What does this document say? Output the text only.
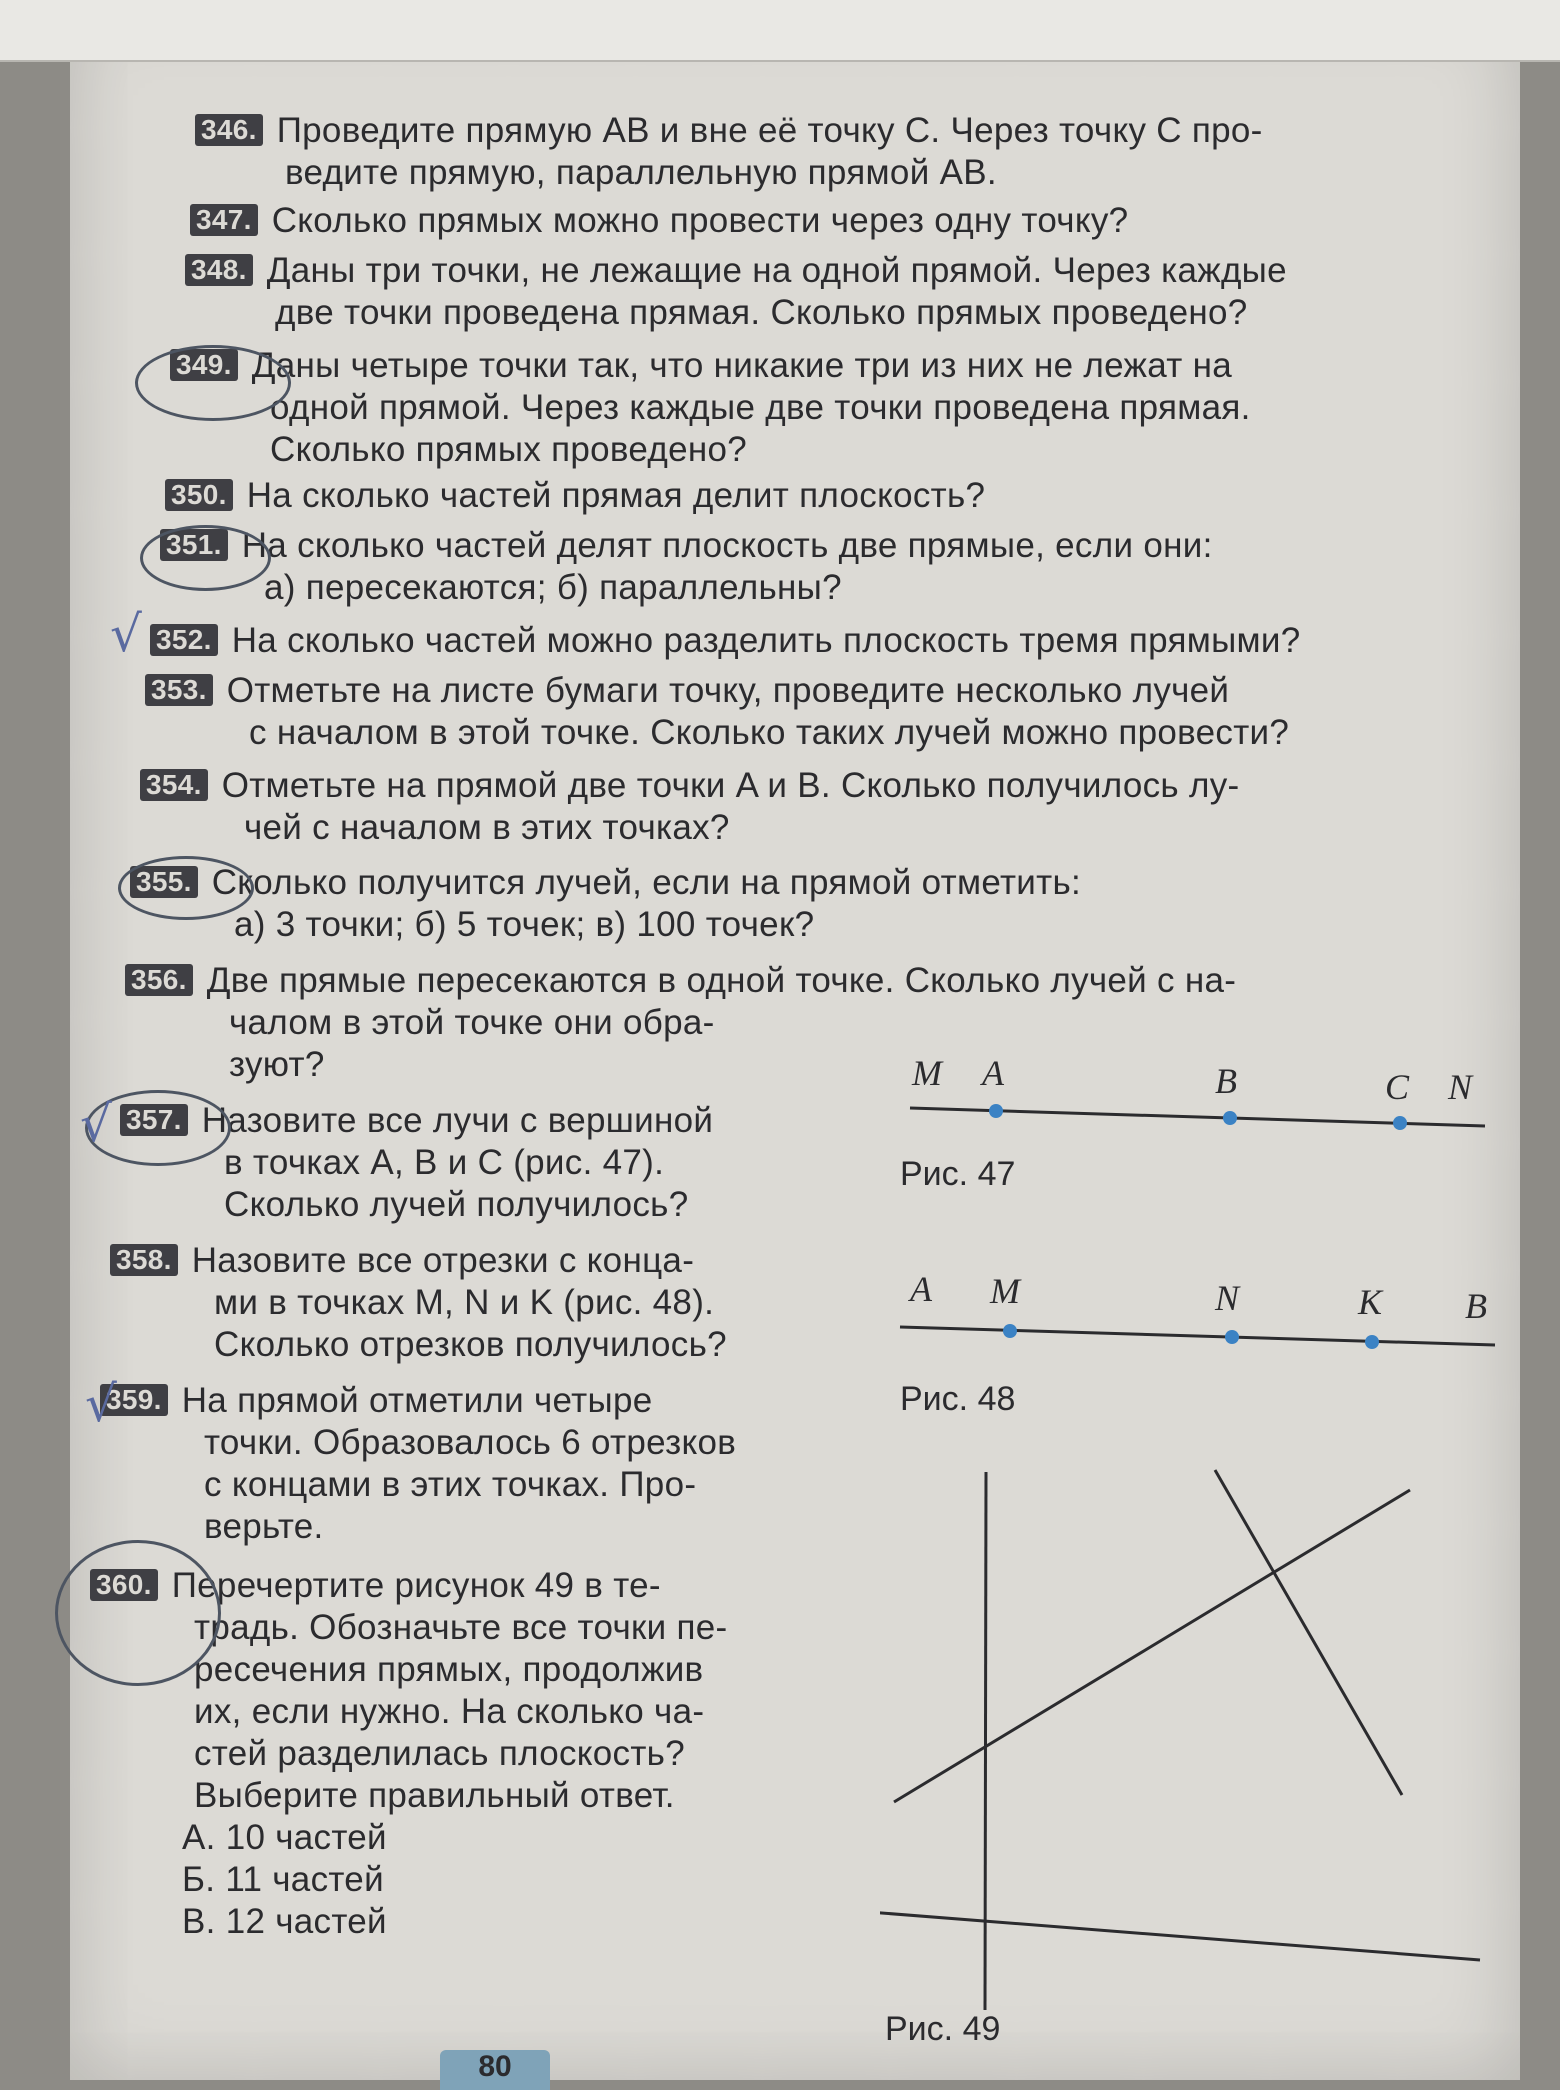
346. Проведите прямую AB и вне её точку C. Через точку C про-
ведите прямую, параллельную прямой AB.
347. Сколько прямых можно провести через одну точку?
348. Даны три точки, не лежащие на одной прямой. Через каждые
две точки проведена прямая. Сколько прямых проведено?
349. Даны четыре точки так, что никакие три из них не лежат на
одной прямой. Через каждые две точки проведена прямая.
Сколько прямых проведено?
350. На сколько частей прямая делит плоскость?
351. На сколько частей делят плоскость две прямые, если они:
а) пересекаются; б) параллельны?
352. На сколько частей можно разделить плоскость тремя прямыми?
353. Отметьте на листе бумаги точку, проведите несколько лучей
с началом в этой точке. Сколько таких лучей можно провести?
354. Отметьте на прямой две точки A и B. Сколько получилось лу-
чей с началом в этих точках?
355. Сколько получится лучей, если на прямой отметить:
а) 3 точки; б) 5 точек; в) 100 точек?
356. Две прямые пересекаются в одной точке. Сколько лучей с на-
чалом в этой точке они обра-
зуют?
357. Назовите все лучи с вершиной
в точках A, B и C (рис. 47).
Сколько лучей получилось?
358. Назовите все отрезки с конца-
ми в точках M, N и K (рис. 48).
Сколько отрезков получилось?
359. На прямой отметили четыре
точки. Образовалось 6 отрезков
с концами в этих точках. Про-
верьте.
360. Перечертите рисунок 49 в те-
традь. Обозначьте все точки пе-
ресечения прямых, продолжив
их, если нужно. На сколько ча-
стей разделилась плоскость?
Выберите правильный ответ.
А. 10 частей
Б. 11 частей
В. 12 частей
√
√
√
M A	B	C N
Рис. 47
A M	N	K B
Рис. 48
Рис. 49
80
